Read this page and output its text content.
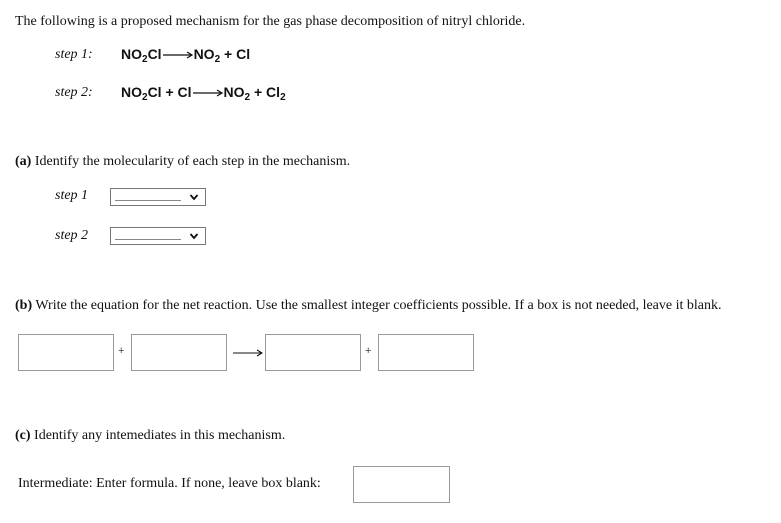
The following is a proposed mechanism for the gas phase decomposition of nitryl chloride.
step 1: $NO_2Cl\to NO_2 + Cl$
step 2: $NO_2Cl + Cl\to NO_2 + Cl_2$
(a) Identify the molecularity of each step in the mechanism.
step 1
step 2
(b) Write the equation for the net reaction. Use the smallest integer coefficients possible. If a box is not needed, leave it blank.
+	+
(c) Identify any intemediates in this mechanism.
Intermediate: Enter formula. If none, leave box blank:
